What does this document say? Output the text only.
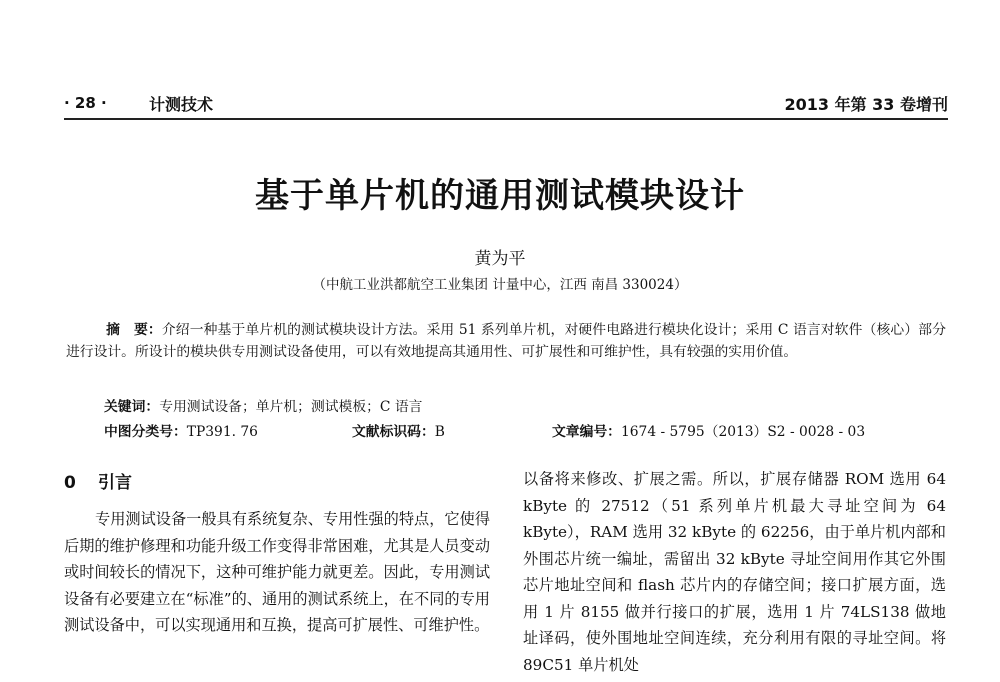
· 28 ·	计测技术	2013 年第 33 卷增刊
基于单片机的通用测试模块设计
黄为平
（中航工业洪都航空工业集团 计量中心，江西 南昌 330024）
摘　要：介绍一种基于单片机的测试模块设计方法。采用 51 系列单片机，对硬件电路进行模块化设计；采用 C 语言对软件（核心）部分进行设计。所设计的模块供专用测试设备使用，可以有效地提高其通用性、可扩展性和可维护性，具有较强的实用价值。
关键词：专用测试设备；单片机；测试模板；C 语言
中图分类号：TP391. 76	文献标识码：B	文章编号：1674 - 5795（2013）S2 - 0028 - 03
0 引言
专用测试设备一般具有系统复杂、专用性强的特点，它使得后期的维护修理和功能升级工作变得非常困难，尤其是人员变动或时间较长的情况下，这种可维护能力就更差。因此，专用测试设备有必要建立在“标准”的、通用的测试系统上，在不同的专用测试设备中，可以实现通用和互换，提高可扩展性、可维护性。
以备将来修改、扩展之需。所以，扩展存储器 ROM 选用 64 kByte 的 27512（51 系列单片机最大寻址空间为 64 kByte），RAM 选用 32 kByte 的 62256，由于单片机内部和外围芯片统一编址，需留出 32 kByte 寻址空间用作其它外围芯片地址空间和 flash 芯片内的存储空间；接口扩展方面，选用 1 片 8155 做并行接口的扩展，选用 1 片 74LS138 做地址译码，使外围地址空间连续，充分利用有限的寻址空间。将 89C51 单片机处
